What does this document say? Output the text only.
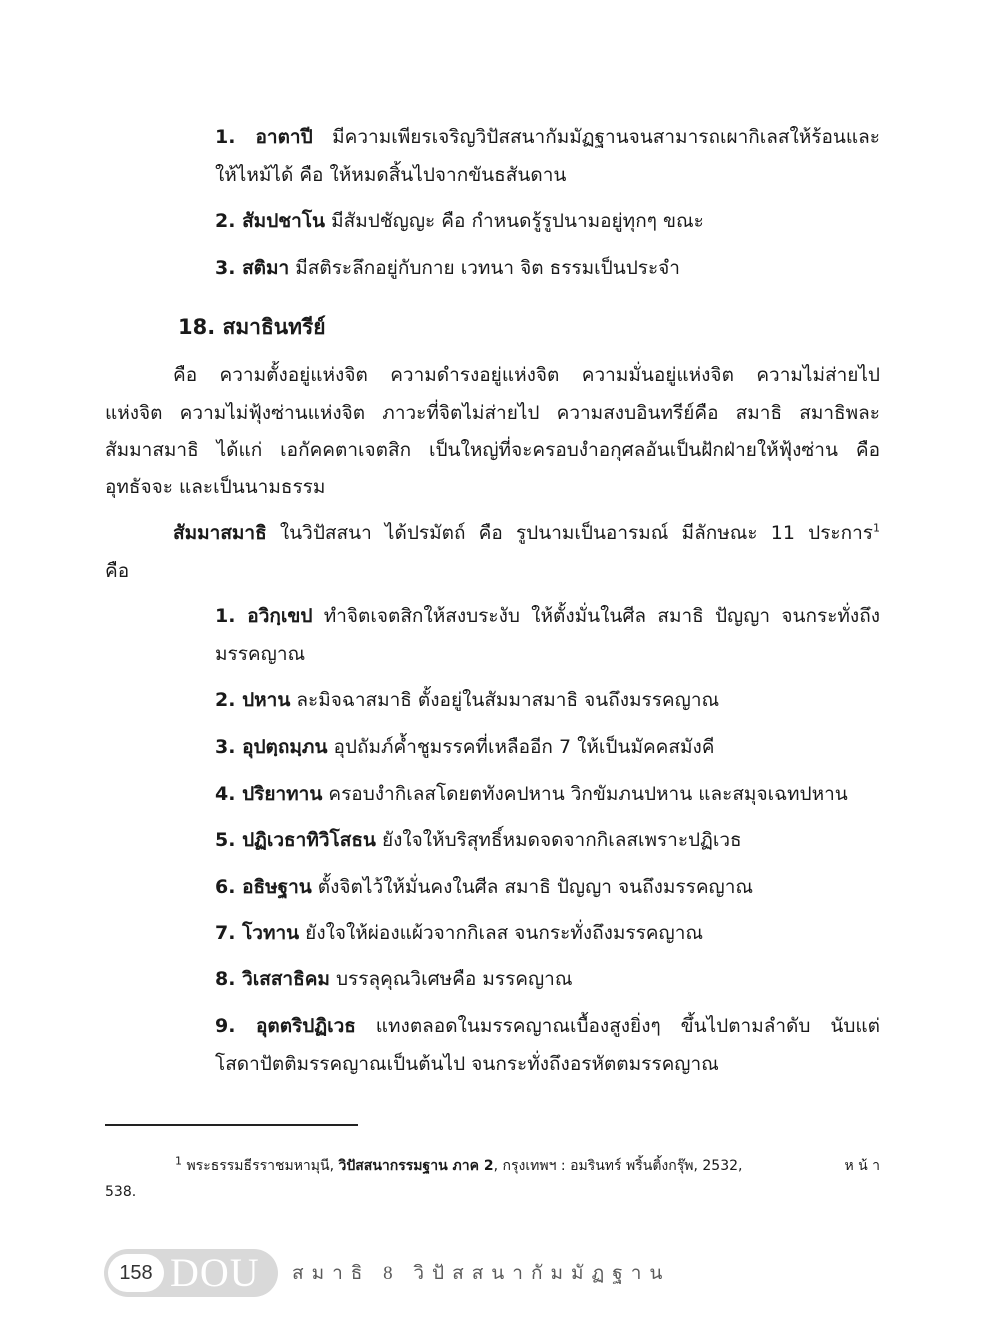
1. อาตาปี มีความเพียรเจริญวิปัสสนากัมมัฏฐานจนสามารถเผากิเลสให้ร้อนและ
ให้ไหม้ได้ คือ ให้หมดสิ้นไปจากขันธสันดาน
2. สัมปชาโน มีสัมปชัญญะ คือ กำหนดรู้รูปนามอยู่ทุกๆ ขณะ
3. สติมา มีสติระลึกอยู่กับกาย เวทนา จิต ธรรมเป็นประจำ
18. สมาธินทรีย์
คือ ความตั้งอยู่แห่งจิต ความดำรงอยู่แห่งจิต ความมั่นอยู่แห่งจิต ความไม่ส่ายไป
แห่งจิต ความไม่ฟุ้งซ่านแห่งจิต ภาวะที่จิตไม่ส่ายไป ความสงบอินทรีย์คือ สมาธิ สมาธิพละ
สัมมาสมาธิ ได้แก่ เอกัคคตาเจตสิก เป็นใหญ่ที่จะครอบงำอกุศลอันเป็นฝักฝ่ายให้ฟุ้งซ่าน คือ
อุทธัจจะ และเป็นนามธรรม
สัมมาสมาธิ ในวิปัสสนา ได้ปรมัตถ์ คือ รูปนามเป็นอารมณ์ มีลักษณะ 11 ประการ$^1$
คือ
1. อวิกฺเขป ทำจิตเจตสิกให้สงบระงับ ให้ตั้งมั่นในศีล สมาธิ ปัญญา จนกระทั่งถึง
มรรคญาณ
2. ปหาน ละมิจฉาสมาธิ ตั้งอยู่ในสัมมาสมาธิ จนถึงมรรคญาณ
3. อุปตฺถมฺภน อุปถัมภ์ค้ำชูมรรคที่เหลืออีก 7 ให้เป็นมัคคสมังคี
4. ปริยาทาน ครอบงำกิเลสโดยตทังคปหาน วิกขัมภนปหาน และสมุจเฉทปหาน
5. ปฏิเวธาทิวิโสธน ยังใจให้บริสุทธิ์หมดจดจากกิเลสเพราะปฏิเวธ
6. อธิษฐาน ตั้งจิตไว้ให้มั่นคงในศีล สมาธิ ปัญญา จนถึงมรรคญาณ
7. โวทาน ยังใจให้ผ่องแผ้วจากกิเลส จนกระทั่งถึงมรรคญาณ
8. วิเสสาธิคม บรรลุคุณวิเศษคือ มรรคญาณ
9. อุตตริปฏิเวธ แทงตลอดในมรรคญาณเบื้องสูงยิ่งๆ ขึ้นไปตามลำดับ นับแต่
โสดาปัตติมรรคญาณเป็นต้นไป จนกระทั่งถึงอรหัตตมรรคญาณ
$^1$ พระธรรมธีรราชมหามุนี, วิปัสสนากรรมฐาน ภาค 2, กรุงเทพฯ : อมรินทร์ พริ้นติ้งกรุ๊พ, 2532,	ห น้ า
538.
158 DOU สมาธิ 8 วิปัสสนากัมมัฏฐาน
